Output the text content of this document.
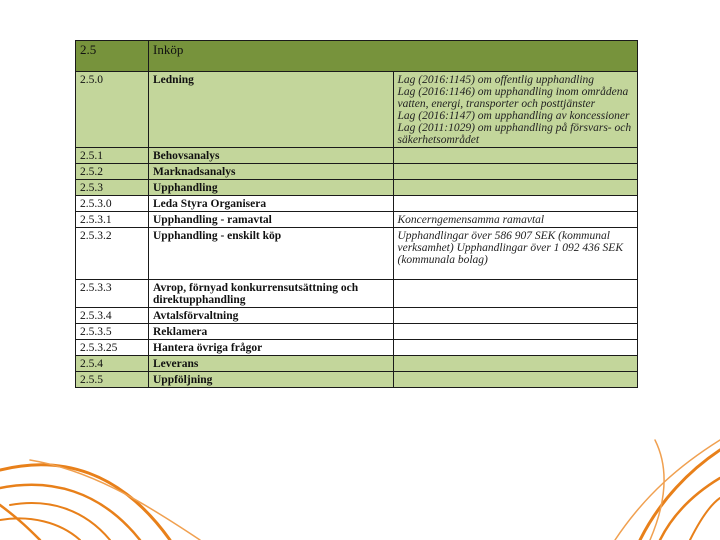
2.5	Inköp	
2.5.0	Ledning	Lag (2016:1145) om offentlig upphandling
Lag (2016:1146) om upphandling inom områdena vatten, energi, transporter och posttjänster
Lag (2016:1147) om upphandling av koncessioner
Lag (2011:1029) om upphandling på försvars- och säkerhetsområdet

2.5.1	Behovsanalys	
2.5.2	Marknadsanalys	
2.5.3	Upphandling	
2.5.3.0	Leda Styra Organisera	
2.5.3.1	Upphandling - ramavtal	Koncerngemensamma ramavtal
2.5.3.2	Upphandling - enskilt köp	Upphandlingar över 586 907 SEK (kommunal verksamhet) Upphandlingar över 1 092 436 SEK (kommunala bolag)
2.5.3.3	Avrop, förnyad konkurrensutsättning och direktupphandling	
2.5.3.4	Avtalsförvaltning	
2.5.3.5	Reklamera	
2.5.3.25	Hantera övriga frågor	
2.5.4	Leverans	
2.5.5	Uppföljning	
